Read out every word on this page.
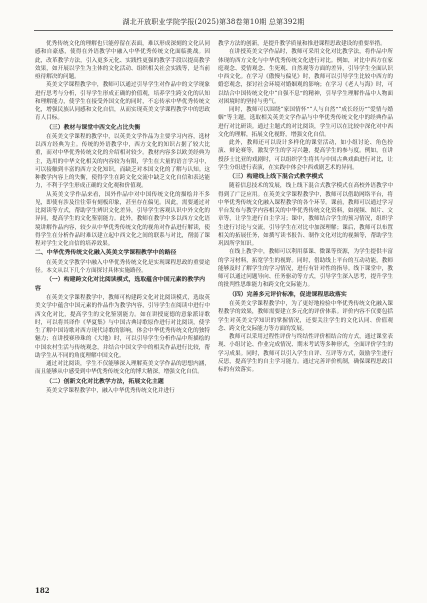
湖北开放职业学院学报(2025)第38卷第10期 总第392期

优秀传统文化的理解也只能停留在表面，难以形成深刻的文化认同感和自豪感，使得在外语教学中融入中华优秀传统文化面临挑战。因此，改革教学方法，引入更多元化、实践性更强的教学手段以提高教学效果，如开展以学生为主体的文化活动、组织相关社会实践等，是当前亟待解决的问题。

英美文学课程教学中，教师可以通过引导学生对作品中的文学现象进行思考与分析，引导学生形成正确的价值观，培养学生跨文化的认知和理解能力，使学生在接受外国文化的同时，不忘传承中华优秀传统文化，增强民族认同感和文化自信，从而实现英美文学课程教学中的思政育人目标。

（三）教材与课堂中西文化占比失衡

在英美文学课程的教学中，以英美文学作品为主要学习内容，选材以西方经典为主。传统的外语教学中，西方文化的知识占据了较大比重，而对中华优秀传统文化的介绍相对较少。教材内容多以欧美经典为主，选用的中华文化相关的内容较为有限，学生在大量的语言学习中，可以接触到丰富的西方文化知识，而缺乏对本国文化的了解与认知。这种教学内容上的失衡，使得学生在跨文化交流中缺乏文化自信和表达能力，不利于学生形成正确的文化观和价值观。

从英美文学作品来看，国外作品中对中国传统文化的描绘并不多见，即使有涉及往往带有刻板印象，甚至存在偏见。因此，需要通过对比阅读等方式，帮助学生辨识文化差异，引导学生客观认识中外文化的异同，提高学生的文化鉴别能力。此外，教师在教学中多以西方文化语境讲解作品内容，较少从中华优秀传统文化的视角对作品进行解读，使得学生在分析作品时难以建立起中西文化之间的联系与对比，削弱了课程对学生文化自信的培养效果。

二、中华优秀传统文化融入英美文学课程教学中的路径

在英美文学教学中融入中华优秀传统文化是实现课程思政的重要途径。本文从以下几个方面探讨具体实施路径。

（一）构建跨文化对比阅读模式，选取蕴含中国元素的教学内容

在英美文学课程教学中，教师可构建跨文化对比阅读模式，选取英美文学中蕴含中国元素的作品作为教学内容，引导学生在阅读中进行中西文化对比，提高学生的文化鉴别能力。如在讲授庞德的意象派诗歌时，可以将其译作《华夏集》与中国古典诗歌原作进行对比阅读，使学生了解中国诗歌对西方现代诗歌的影响，体会中华优秀传统文化的独特魅力；在讲授赛珍珠的《大地》时，可以引导学生分析作品中所描绘的中国农村生活与传统观念，并结合中国文学中的相关作品进行比较，帮助学生从不同的角度理解中国文化。

通过对比阅读，学生不仅能够深入理解英美文学作品的思想内涵，而且能够从中感受到中华优秀传统文化的博大精深，增强文化自信。

（二）创新文化对比教学方法，拓展文化主题

英美文学课程教学中，融入中华优秀传统文化并进行

教学方法的创新，是提升教学质量和推进课程思政建设的重要举措。

在讲授英美文学作品时，教师可采用文化对比教学法，将作品中所体现的西方文化与中华优秀传统文化进行对比。例如，对比中西方在家庭观念、爱情观念、生死观、自然观等方面的差异，引导学生全面认识中西文化。在学习《傲慢与偏见》时，教师可以引导学生比较中西方的婚恋观念，探讨社会环境对婚姻观的影响；在学习《老人与海》时，可以结合中国传统文化中“自强不息”的精神，引导学生理解作品中人物面对困境时的坚持与勇气。

同时，教师可以围绕“家国情怀”“人与自然”“成长经历”“爱情与婚姻”等主题，选取相关英美文学作品与中华优秀传统文化中的经典作品进行对比研读。通过主题式的对比阅读，学生可以在比较中深化对中西文化的理解，拓展文化视野，增强文化自信。

此外，教师还可以设计多样化的课堂活动，如小组讨论、角色扮演、辩论赛等，激发学生的学习兴趣，提高学生的参与度。例如，在讲授莎士比亚的戏剧时，可以组织学生将其与中国古典戏曲进行对比，让学生分组进行表演，在实践中体会中西戏剧艺术的异同。

（三）构建线上线下混合式教学模式

随着信息技术的发展，线上线下混合式教学模式在高校外语教学中得到了广泛应用。在英美文学课程教学中，教师可以借助网络平台，将中华优秀传统文化融入课程教学的各个环节。课前，教师可以通过学习平台发布与教学内容相关的中华优秀传统文化资料，如视频、图片、文章等，让学生进行自主学习；课中，教师结合学生的预习情况，组织学生进行讨论与交流，引导学生在对比中加深理解；课后，教师可以布置相关的拓展任务，如撰写读书报告、制作文化对比的视频等，帮助学生巩固所学知识。

在线上教学中，教师可以利用慕课、微课等资源，为学生提供丰富的学习材料，拓宽学生的视野。同时，借助线上平台的互动功能，教师能够及时了解学生的学习情况，进行有针对性的指导。线下课堂中，教师可以通过问题导向、任务驱动等方式，引导学生深入思考，提升学生的批判性思维能力和跨文化交际能力。

（四）完善多元评价标准，促进课程思政落实

在英美文学课程教学中，为了更好地检验中华优秀传统文化融入课程教学的效果，教师需要建立多元化的评价体系。评价内容不仅要包括学生对英美文学知识的掌握情况，还要关注学生的文化认同、价值观念、跨文化交际能力等方面的发展。

教师可以采用过程性评价与终结性评价相结合的方式，通过课堂表现、小组讨论、作业完成情况、期末考试等多种形式，全面评价学生的学习成果。同时，教师可以引入学生自评、互评等方式，鼓励学生进行反思，提高学生的自主学习能力。通过完善评价机制，确保课程思政目标的有效落实。

182
